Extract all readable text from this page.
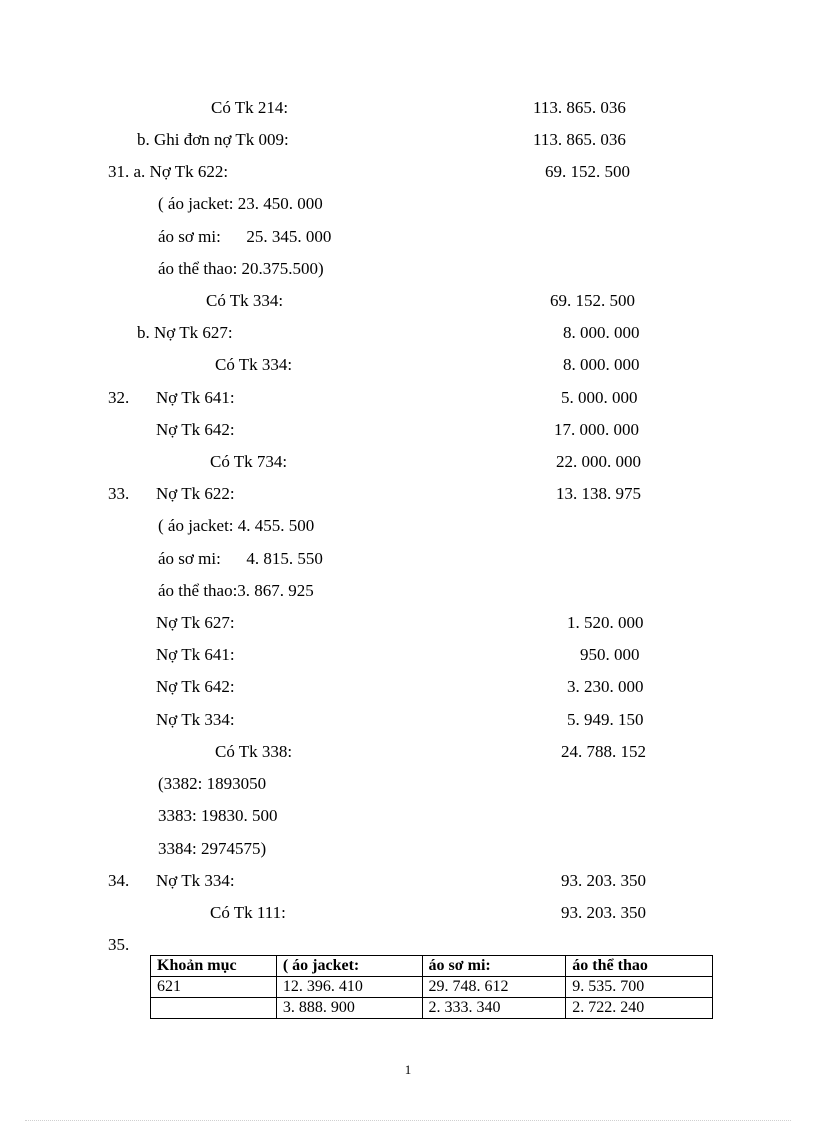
Có Tk 214:	113. 865. 036
b. Ghi đơn nợ Tk 009:	113. 865. 036
31. a. Nợ Tk 622:	69. 152. 500
( áo jacket: 23. 450. 000
áo sơ mi:      25. 345. 000
áo thể thao: 20.375.500)
Có Tk 334:	69. 152. 500
b. Nợ Tk 627:	8. 000. 000
Có Tk 334:	8. 000. 000
32. Nợ Tk 641:	5. 000. 000
Nợ Tk 642:	17. 000. 000
Có Tk 734:	22. 000. 000
33. Nợ Tk 622:	13. 138. 975
( áo jacket: 4. 455. 500
áo sơ mi:      4. 815. 550
áo thể thao:3. 867. 925
Nợ Tk 627:	1. 520. 000
Nợ Tk 641:	950. 000
Nợ Tk 642:	3. 230. 000
Nợ Tk 334:	5. 949. 150
Có Tk 338:	24. 788. 152
(3382: 1893050
3383: 19830. 500
3384: 2974575)
34. Nợ Tk 334:	93. 203. 350
Có Tk 111:	93. 203. 350
35.
Khoản mục	( áo jacket:	áo sơ mi:	áo thể thao
621	12. 396. 410	29. 748. 612	9. 535. 700
	3. 888. 900	2. 333. 340	2. 722. 240
1
